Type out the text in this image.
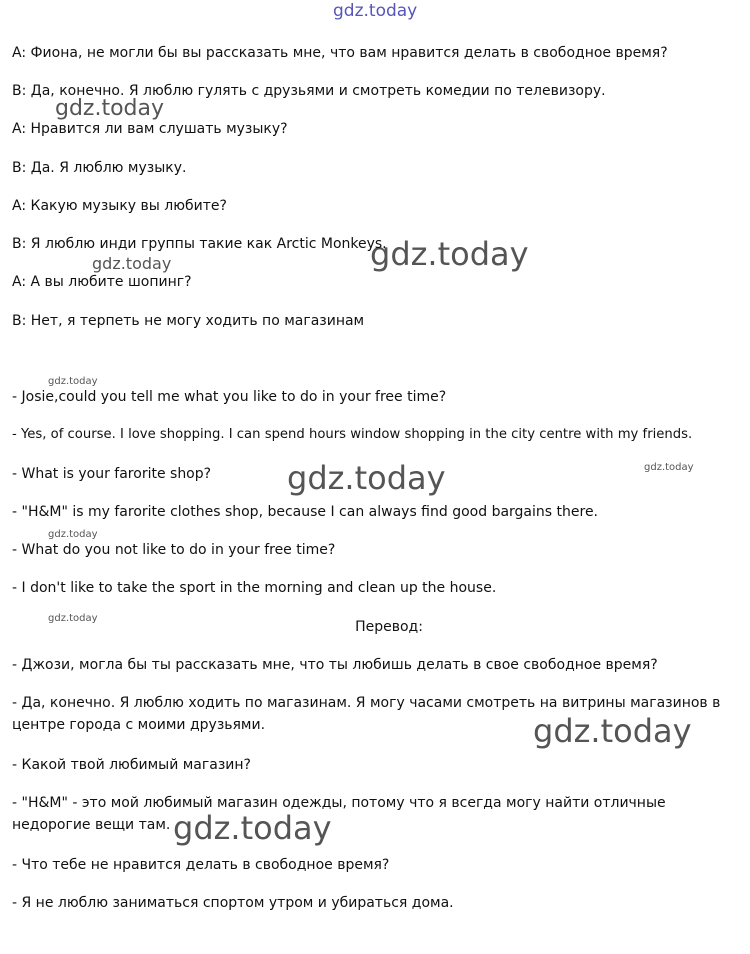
gdz.today
gdz.today
gdz.today
gdz.today
gdz.today
gdz.today	gdz.today
gdz.today
gdz.today
gdz.today
gdz.today
A: Фиона, не могли бы вы рассказать мне, что вам нравится делать в свободное время?
B: Да, конечно. Я люблю гулять с друзьями и смотреть комедии по телевизору.
A: Нравится ли вам слушать музыку?
B: Да. Я люблю музыку.
A: Какую музыку вы любите?
B: Я люблю инди группы такие как Arctic Monkeys.
A: А вы любите шопинг?
B: Нет, я терпеть не могу ходить по магазинам
- Josie,could you tell me what you like to do in your free time?
- Yes, of course. I love shopping. I can spend hours window shopping in the city centre with my friends.
- What is your farorite shop?
- "H&M" is my farorite clothes shop, because I can always find good bargains there.
- What do you not like to do in your free time?
- I don't like to take the sport in the morning and clean up the house.
Перевод:
- Джози, могла бы ты рассказать мне, что ты любишь делать в свое свободное время?
- Да, конечно. Я люблю ходить по магазинам. Я могу часами смотреть на витрины магазинов в центре города с моими друзьями.
- Какой твой любимый магазин?
- "H&M" - это мой любимый магазин одежды, потому что я всегда могу найти отличные недорогие вещи там.
- Что тебе не нравится делать в свободное время?
- Я не люблю заниматься спортом утром и убираться дома.
